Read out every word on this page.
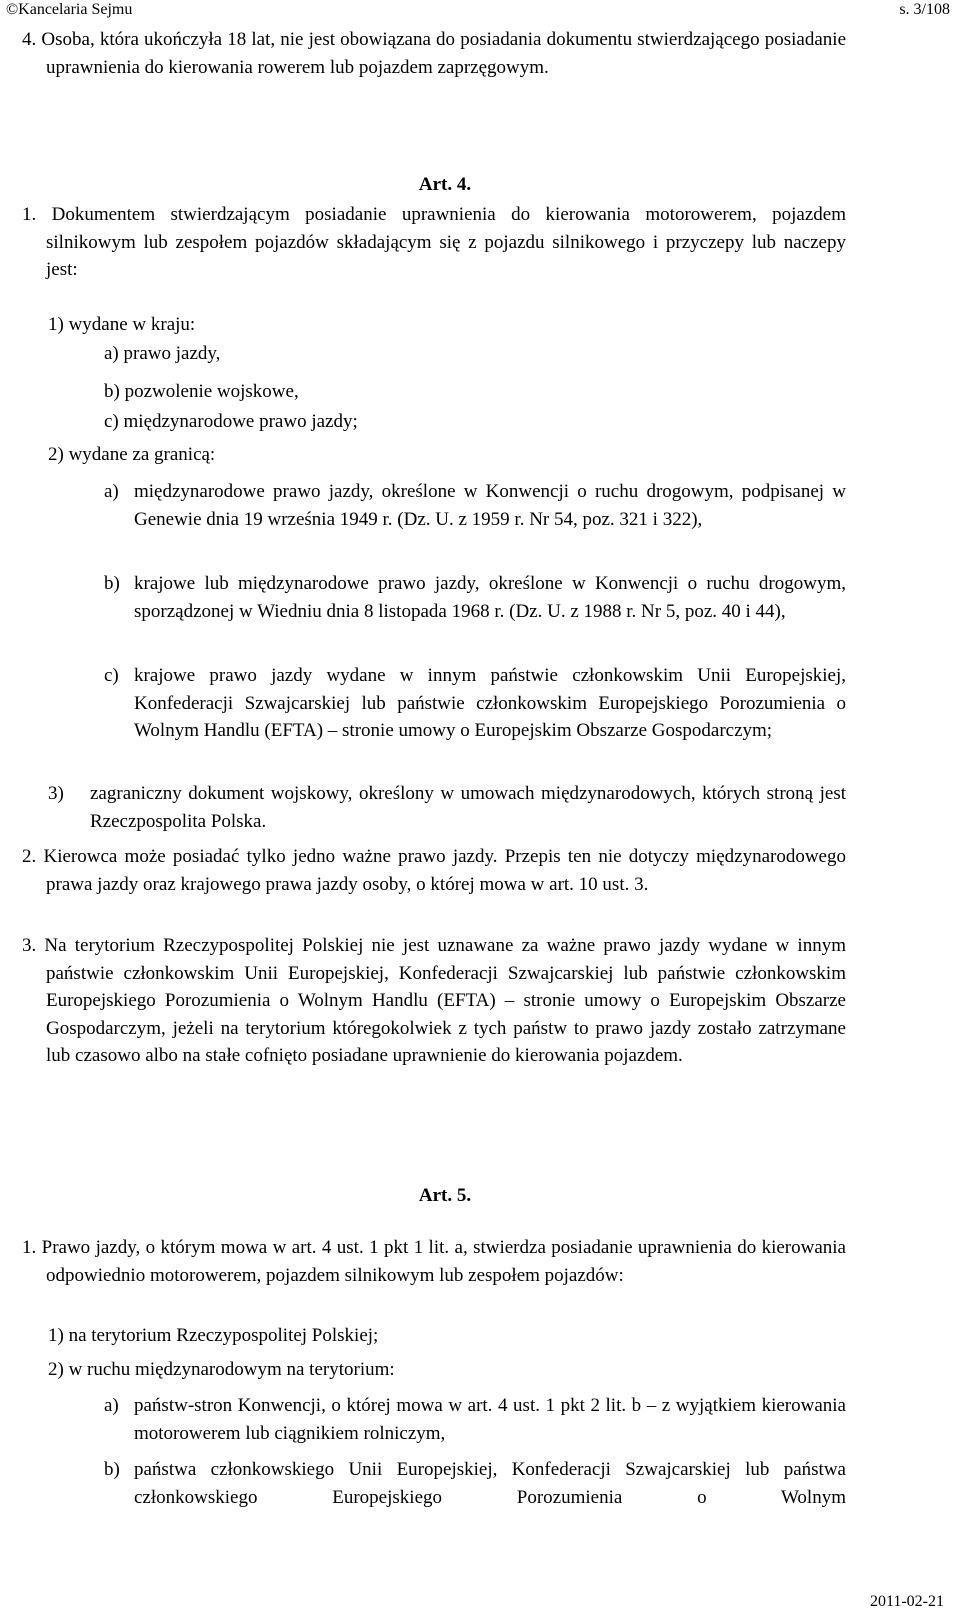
©Kancelaria Sejmu	s. 3/108

4. Osoba, która ukończyła 18 lat, nie jest obowiązana do posiadania dokumentu stwierdzającego posiadanie uprawnienia do kierowania rowerem lub pojazdem zaprzęgowym.

Art. 4.

1. Dokumentem stwierdzającym posiadanie uprawnienia do kierowania motorowerem, pojazdem silnikowym lub zespołem pojazdów składającym się z pojazdu silnikowego i przyczepy lub naczepy jest:

1) wydane w kraju:

a) prawo jazdy,

b) pozwolenie wojskowe,

c) międzynarodowe prawo jazdy;

2) wydane za granicą:

a) międzynarodowe prawo jazdy, określone w Konwencji o ruchu drogowym, podpisanej w Genewie dnia 19 września 1949 r. (Dz. U. z 1959 r. Nr 54, poz. 321 i 322),

b) krajowe lub międzynarodowe prawo jazdy, określone w Konwencji o ruchu drogowym, sporządzonej w Wiedniu dnia 8 listopada 1968 r. (Dz. U. z 1988 r. Nr 5, poz. 40 i 44),

c) krajowe prawo jazdy wydane w innym państwie członkowskim Unii Europejskiej, Konfederacji Szwajcarskiej lub państwie członkowskim Europejskiego Porozumienia o Wolnym Handlu (EFTA) – stronie umowy o Europejskim Obszarze Gospodarczym;

3)	zagraniczny dokument wojskowy, określony w umowach międzynarodowych, których stroną jest Rzeczpospolita Polska.

2. Kierowca może posiadać tylko jedno ważne prawo jazdy. Przepis ten nie dotyczy międzynarodowego prawa jazdy oraz krajowego prawa jazdy osoby, o której mowa w art. 10 ust. 3.

3. Na terytorium Rzeczypospolitej Polskiej nie jest uznawane za ważne prawo jazdy wydane w innym państwie członkowskim Unii Europejskiej, Konfederacji Szwajcarskiej lub państwie członkowskim Europejskiego Porozumienia o Wolnym Handlu (EFTA) – stronie umowy o Europejskim Obszarze Gospodarczym, jeżeli na terytorium któregokolwiek z tych państw to prawo jazdy zostało zatrzymane lub czasowo albo na stałe cofnięto posiadane uprawnienie do kierowania pojazdem.

Art. 5.

1. Prawo jazdy, o którym mowa w art. 4 ust. 1 pkt 1 lit. a, stwierdza posiadanie uprawnienia do kierowania odpowiednio motorowerem, pojazdem silnikowym lub zespołem pojazdów:

1) na terytorium Rzeczypospolitej Polskiej;

2) w ruchu międzynarodowym na terytorium:

a) państw-stron Konwencji, o której mowa w art. 4 ust. 1 pkt 2 lit. b – z wyjątkiem kierowania motorowerem lub ciągnikiem rolniczym,

b) państwa członkowskiego Unii Europejskiej, Konfederacji Szwajcarskiej lub państwa członkowskiego Europejskiego Porozumienia o Wolnym

2011-02-21
